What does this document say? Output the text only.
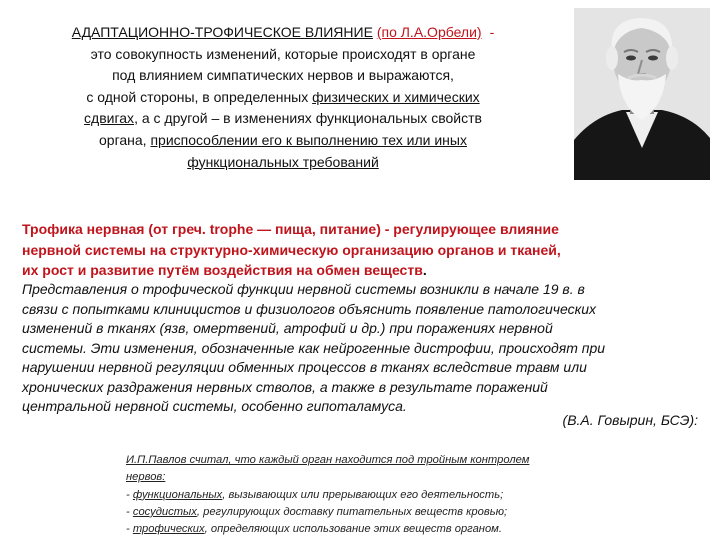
АДАПТАЦИОННО-ТРОФИЧЕСКОЕ ВЛИЯНИЕ (по Л.А.Орбели) -
это совокупность изменений, которые происходят в органе
под влиянием симпатических нервов и выражаются,
с одной стороны, в определенных физических и химических
сдвигах, а с другой – в изменениях функциональных свойств
органа, приспособлении его к выполнению тех или иных
функциональных требований
Трофика нервная (от греч. trophe — пища, питание) - регулирующее влияние
нервной системы на структурно-химическую организацию органов и тканей,
их рост и развитие путём воздействия на обмен веществ.
Представления о трофической функции нервной системы возникли в начале 19 в. в
связи с попытками клиницистов и физиологов объяснить появление патологических
изменений в тканях (язв, омертвений, атрофий и др.) при поражениях нервной
системы. Эти изменения, обозначенные как нейрогенные дистрофии, происходят при
нарушении нервной регуляции обменных процессов в тканях вследствие травм или
хронических раздражения нервных стволов, а также в результате поражений
центральной нервной системы, особенно гипоталамуса.
(В.А. Говырин, БСЭ):
И.П.Павлов считал, что каждый орган находится под тройным контролем
нервов:
- функциональных, вызывающих или прерывающих его деятельность;
- сосудистых, регулирующих доставку питательных веществ кровью;
- трофических, определяющих использование этих веществ органом.
